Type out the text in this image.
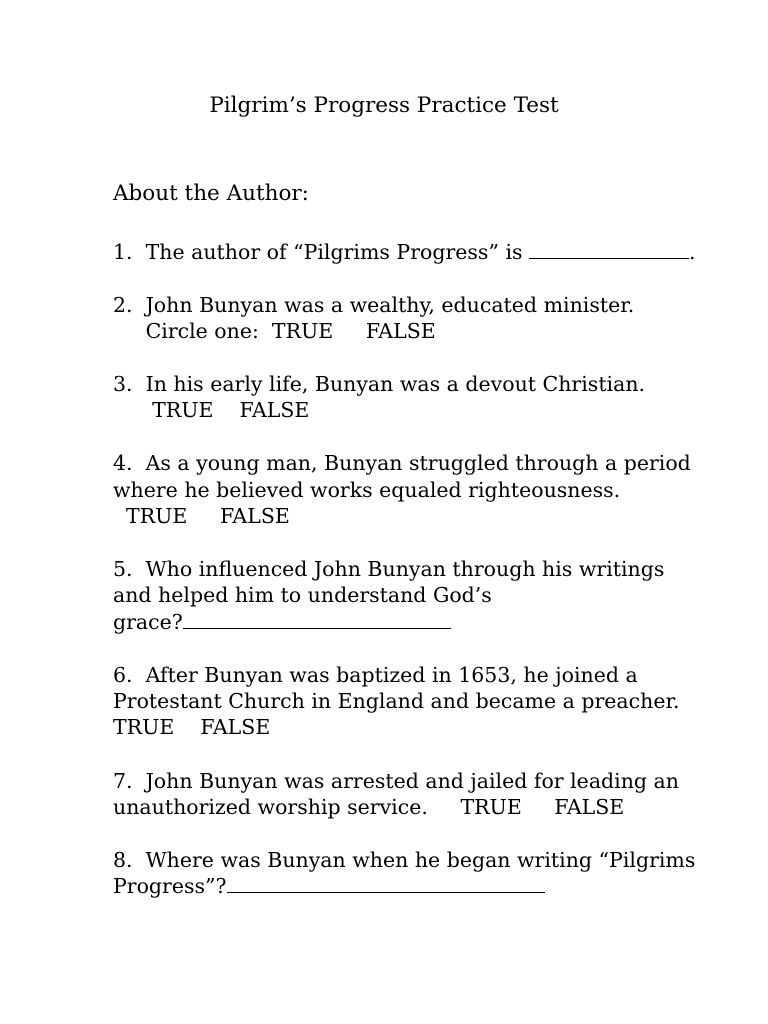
Pilgrim’s Progress Practice Test
About the Author:
1.  The author of “Pilgrims Progress” is	.
2.  John Bunyan was a wealthy, educated minister.
Circle one:  TRUE     FALSE
3.  In his early life, Bunyan was a devout Christian.
TRUE    FALSE
4.  As a young man, Bunyan struggled through a period
where he believed works equaled righteousness.
TRUE     FALSE
5.  Who influenced John Bunyan through his writings
and helped him to understand God’s
grace?
6.  After Bunyan was baptized in 1653, he joined a
Protestant Church in England and became a preacher.
TRUE    FALSE
7.  John Bunyan was arrested and jailed for leading an
unauthorized worship service.     TRUE     FALSE
8.  Where was Bunyan when he began writing “Pilgrims
Progress”?
